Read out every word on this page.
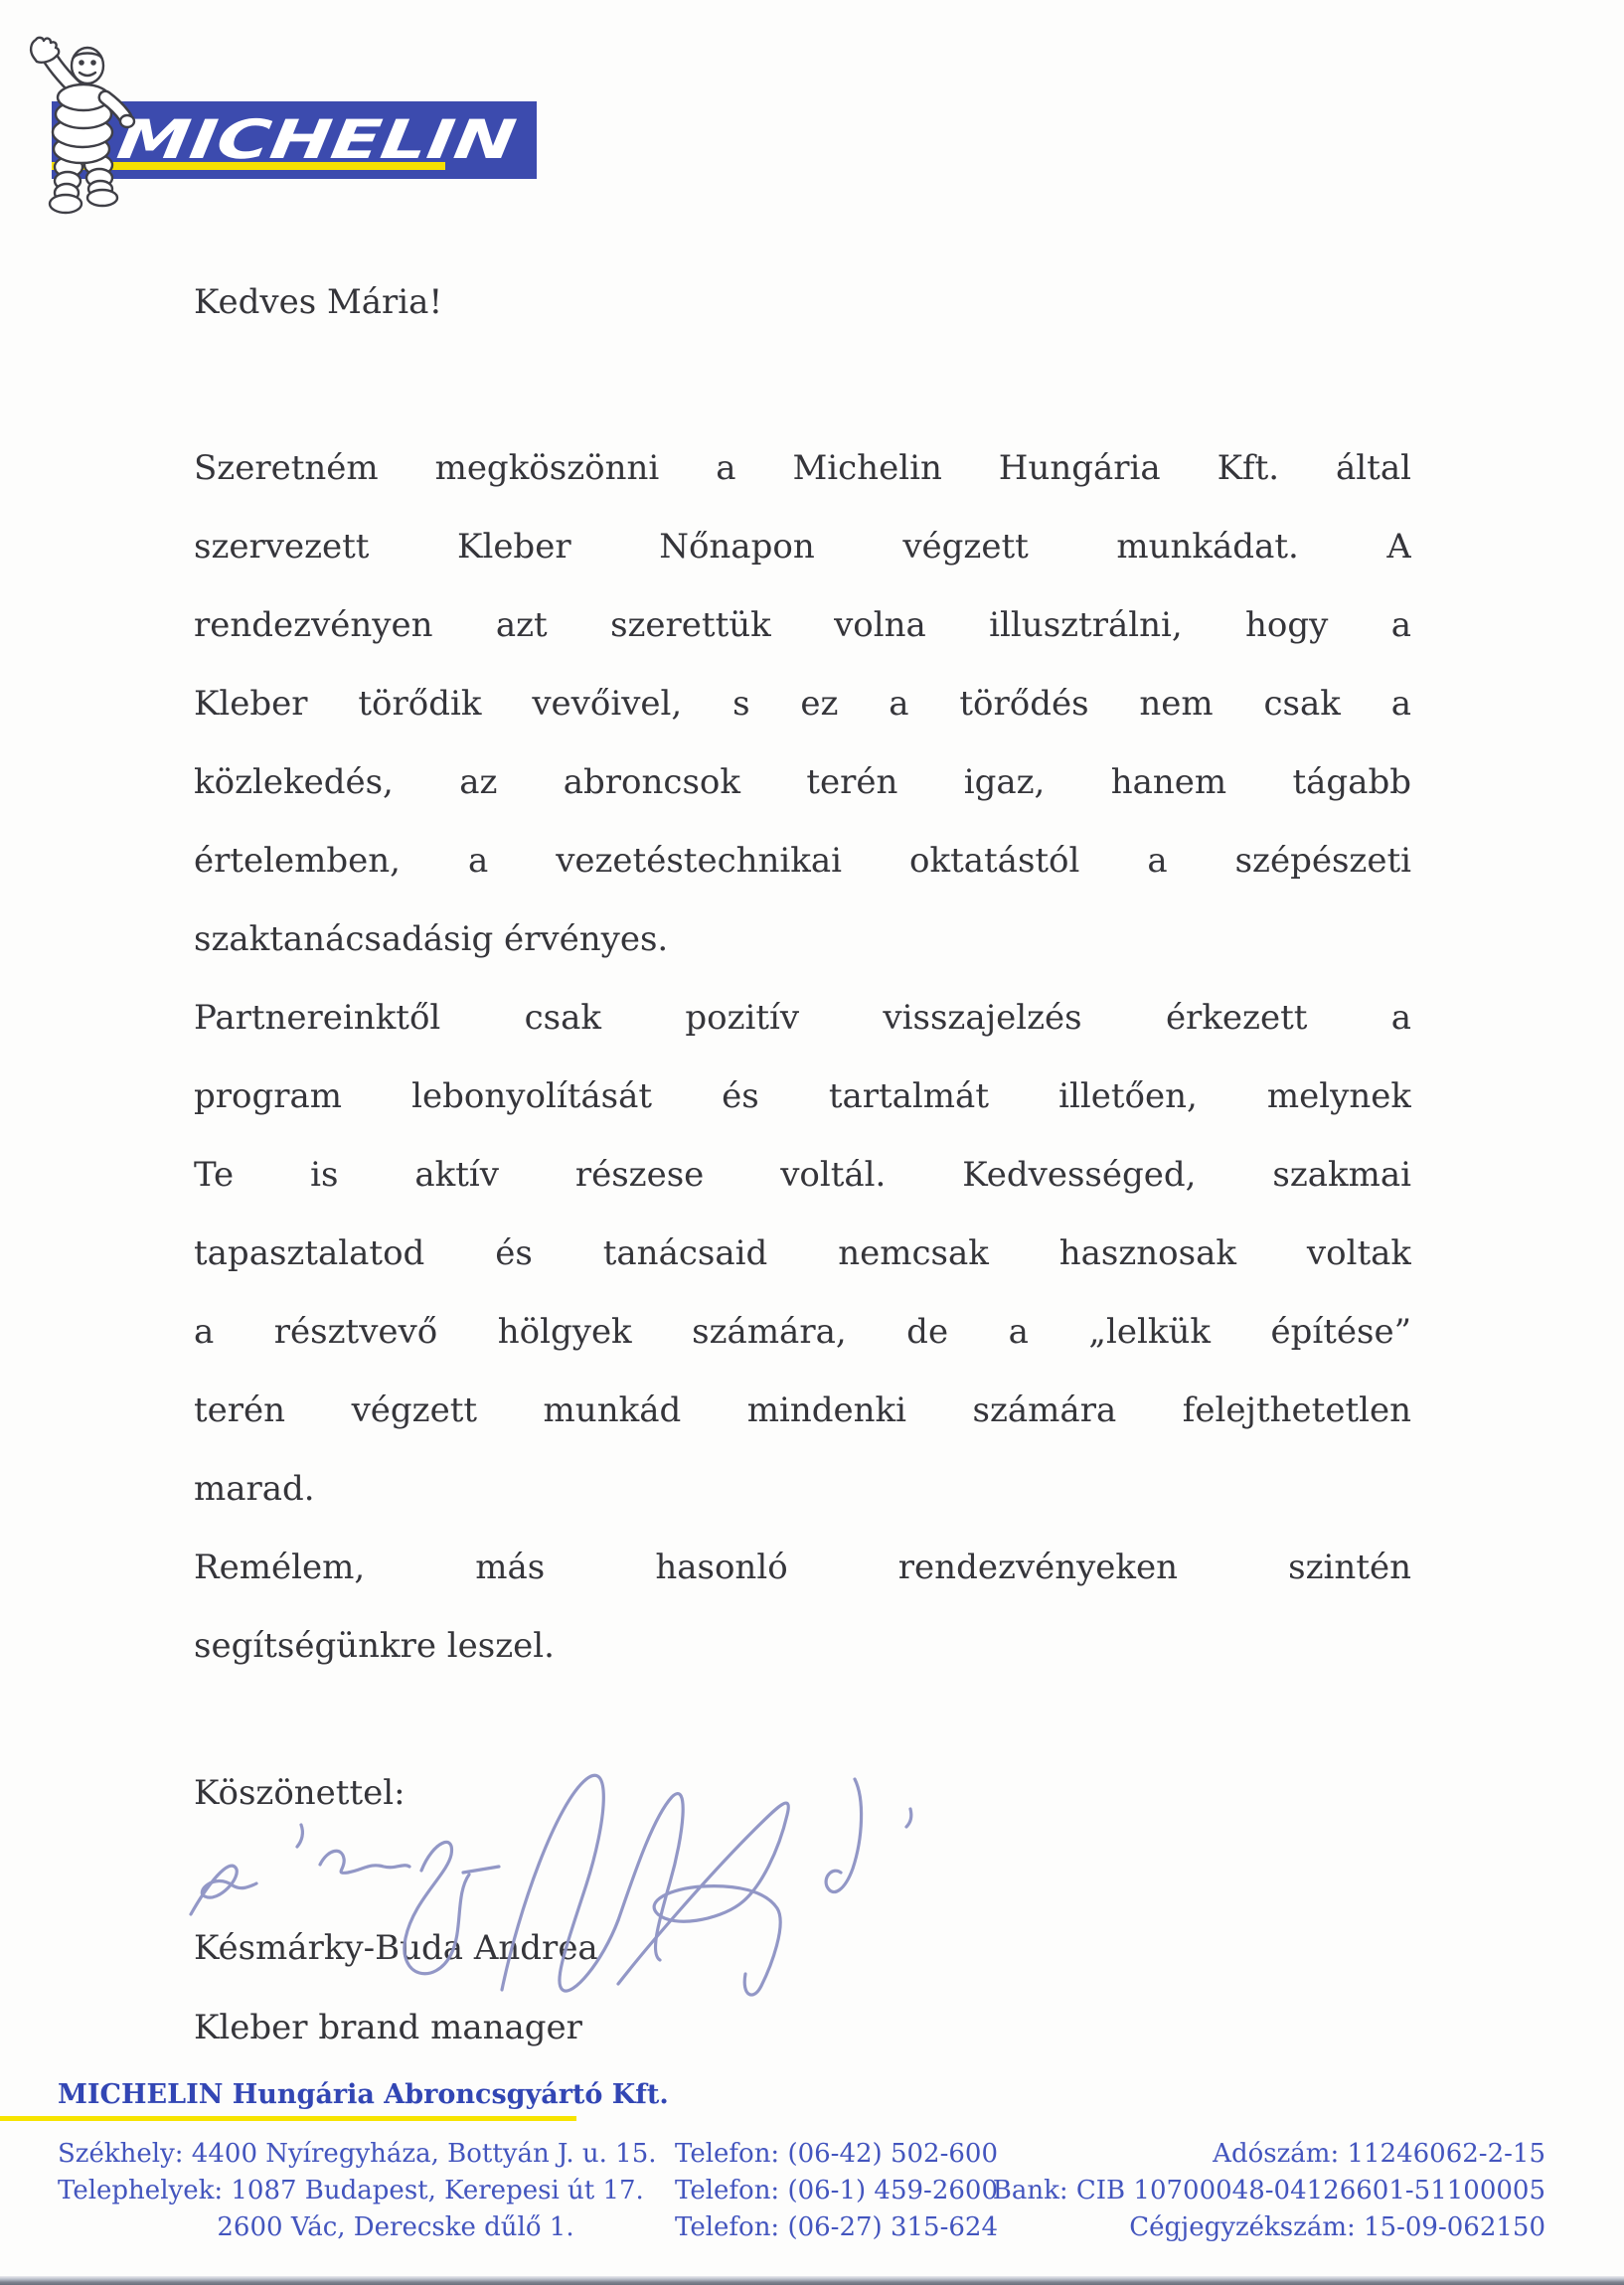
MICHELIN

Kedves Mária!

Szeretném megköszönni a Michelin Hungária Kft. által
szervezett Kleber Nőnapon végzett munkádat. A
rendezvényen azt szerettük volna illusztrálni, hogy a
Kleber törődik vevőivel, s ez a törődés nem csak a
közlekedés, az abroncsok terén igaz, hanem tágabb
értelemben, a vezetéstechnikai oktatástól a szépészeti
szaktanácsadásig érvényes.
Partnereinktől csak pozitív visszajelzés érkezett a
program lebonyolítását és tartalmát illetően, melynek
Te is aktív részese voltál. Kedvességed, szakmai
tapasztalatod és tanácsaid nemcsak hasznosak voltak
a résztvevő hölgyek számára, de a „lelkük építése”
terén végzett munkád mindenki számára felejthetetlen
marad.
Remélem, más hasonló rendezvényeken szintén
segítségünkre leszel.

Köszönettel:

Késmárky-Buda Andrea

Kleber brand manager

MICHELIN Hungária Abroncsgyártó Kft.

Székhely: 4400 Nyíregyháza, Bottyán J. u. 15.
Telephelyek: 1087 Budapest, Kerepesi út 17.
2600 Vác, Derecske dűlő 1.
Telefon: (06-42) 502-600
Telefon: (06-1) 459-2600
Telefon: (06-27) 315-624
Adószám: 11246062-2-15
Bank: CIB 10700048-04126601-51100005
Cégjegyzékszám: 15-09-062150
